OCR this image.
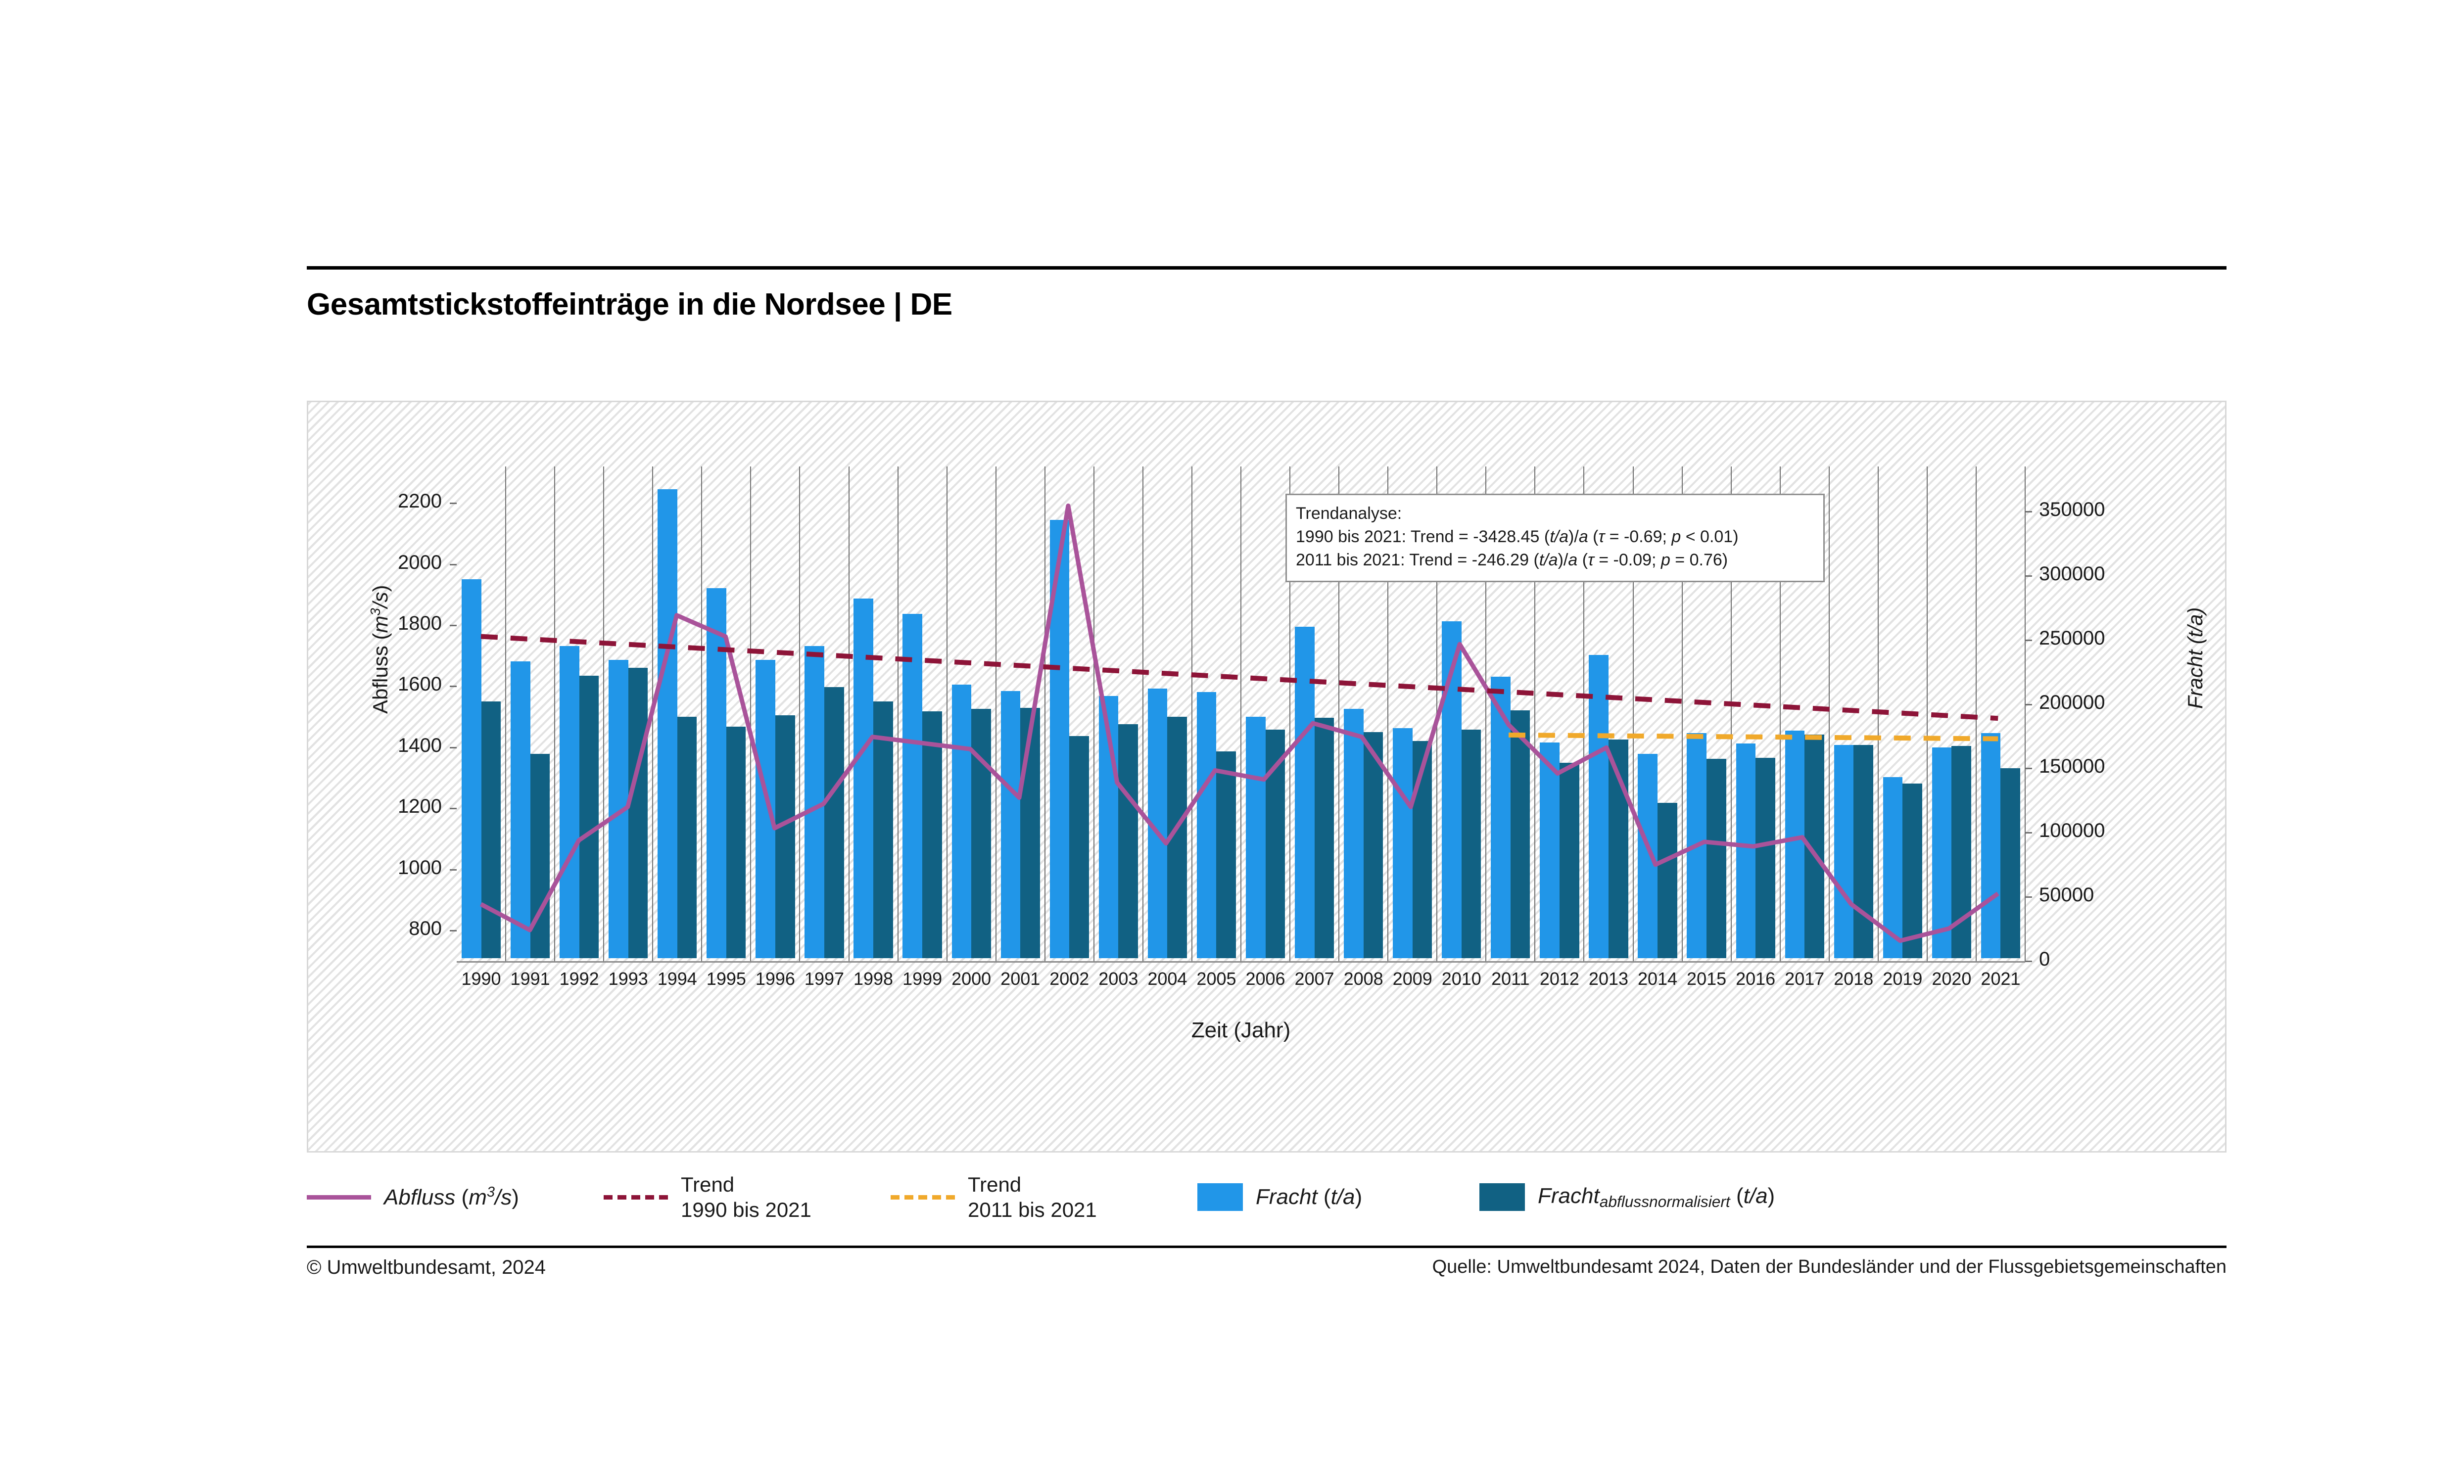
Gesamtstickstoffeinträge in die Nordsee | DE
800
1000
1200
1400
1600
1800
2000
2200
0
50000
100000
150000
200000
250000
300000
350000
1990 1991 1992 1993 1994 1995 1996 1997 1998 1999 2000 2001 2002 2003 2004 2005 2006 2007 2008 2009 2010 2011 2012 2013 2014 2015 2016 2017 2018 2019 2020 2021
Abfluss $(m^3/s)$
Fracht (t/a)
Zeit (Jahr)
Trendanalyse:
1990 bis 2021: Trend = -3428.45 (t/a)/a (τ = -0.69; p < 0.01)
2011 bis 2021: Trend = -246.29 (t/a)/a (τ = -0.09; p = 0.76)
Abfluss $(m^3/s)$
Trend
1990 bis 2021
Trend
2011 bis 2021
Fracht (t/a)	Fracht$_{abflussnormalisiert}$ (t/a)
© Umweltbundesamt, 2024	Quelle: Umweltbundesamt 2024, Daten der Bundesländer und der Flussgebietsgemeinschaften
